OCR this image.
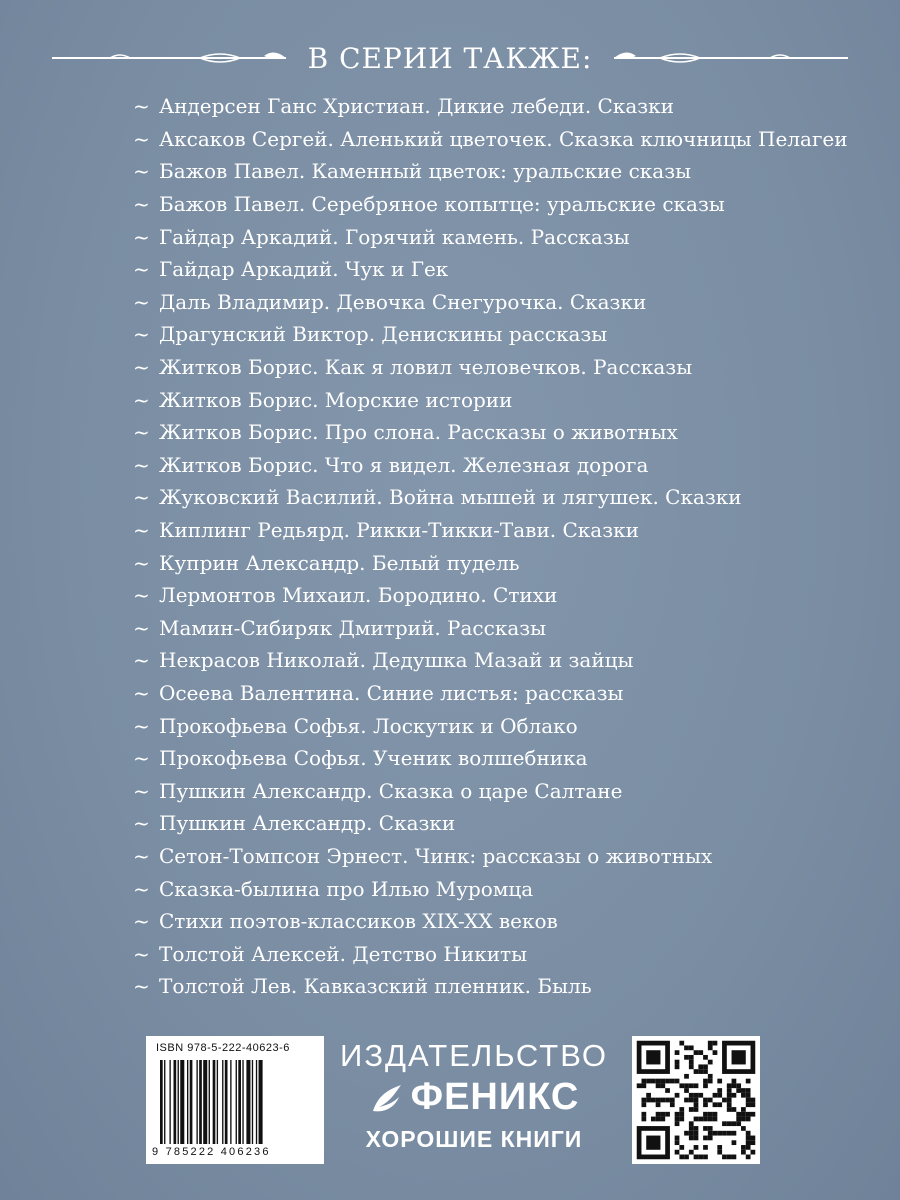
В СЕРИИ ТАКЖЕ:
~ Андерсен Ганс Христиан. Дикие лебеди. Сказки
~ Аксаков Сергей. Аленький цветочек. Сказка ключницы Пелагеи
~ Бажов Павел. Каменный цветок: уральские сказы
~ Бажов Павел. Серебряное копытце: уральские сказы
~ Гайдар Аркадий. Горячий камень. Рассказы
~ Гайдар Аркадий. Чук и Гек
~ Даль Владимир. Девочка Снегурочка. Сказки
~ Драгунский Виктор. Денискины рассказы
~ Житков Борис. Как я ловил человечков. Рассказы
~ Житков Борис. Морские истории
~ Житков Борис. Про слона. Рассказы о животных
~ Житков Борис. Что я видел. Железная дорога
~ Жуковский Василий. Война мышей и лягушек. Сказки
~ Киплинг Редьярд. Рикки-Тикки-Тави. Сказки
~ Куприн Александр. Белый пудель
~ Лермонтов Михаил. Бородино. Стихи
~ Мамин-Сибиряк Дмитрий. Рассказы
~ Некрасов Николай. Дедушка Мазай и зайцы
~ Осеева Валентина. Синие листья: рассказы
~ Прокофьева Софья. Лоскутик и Облако
~ Прокофьева Софья. Ученик волшебника
~ Пушкин Александр. Сказка о царе Салтане
~ Пушкин Александр. Сказки
~ Сетон-Томпсон Эрнест. Чинк: рассказы о животных
~ Сказка-былина про Илью Муромца
~ Стихи поэтов-классиков XIX-XX веков
~ Толстой Алексей. Детство Никиты
~ Толстой Лев. Кавказский пленник. Быль
ISBN 978-5-222-40623-6
9 785222 406236
ИЗДАТЕЛЬСТВО
ФЕНИКС
ХОРОШИЕ КНИГИ
